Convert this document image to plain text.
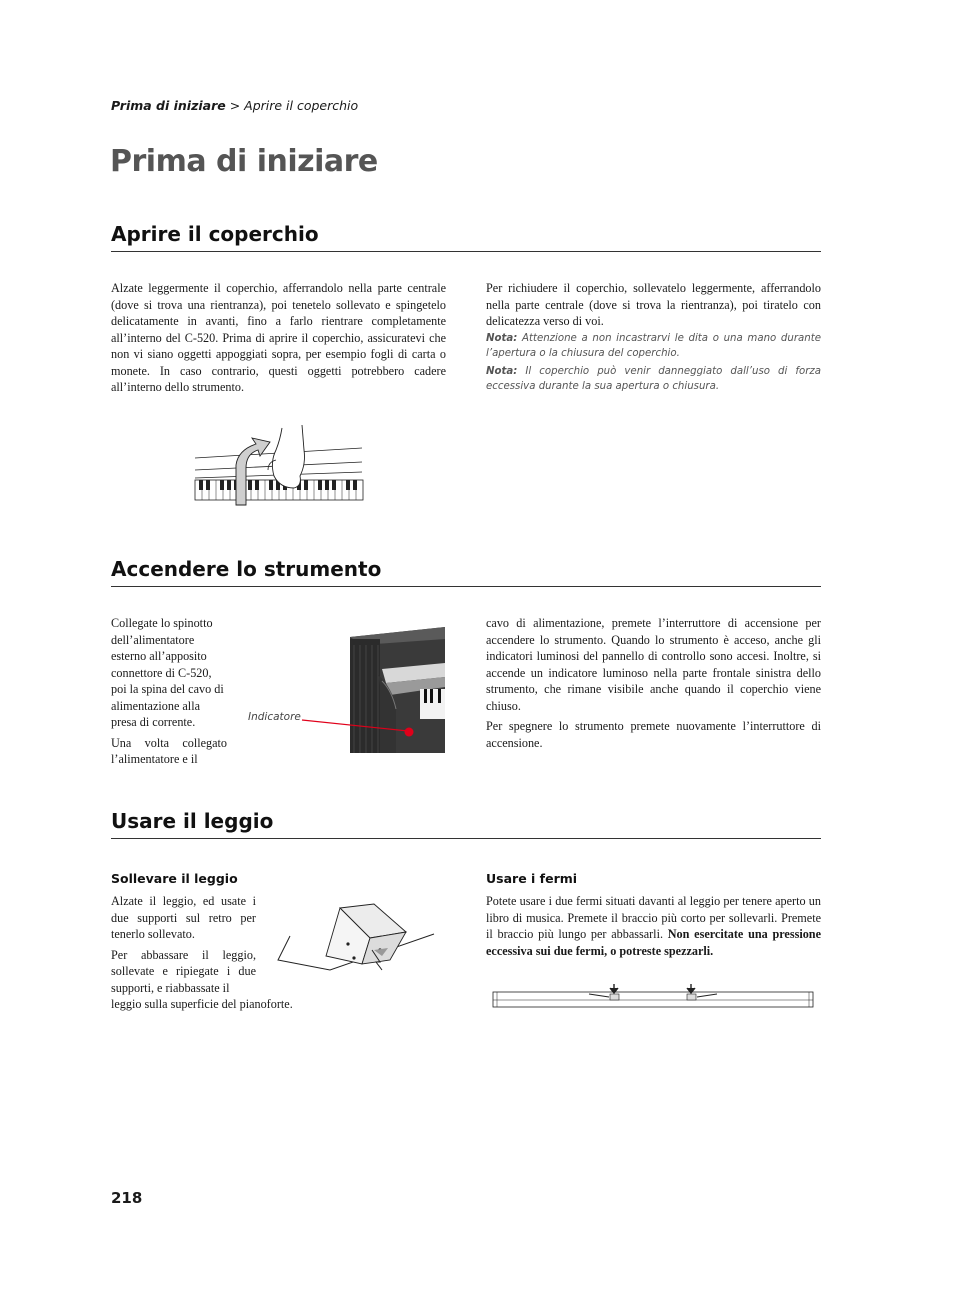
Prima di iniziare > Aprire il coperchio
Prima di iniziare
Aprire il coperchio

Alzate leggermente il coperchio, afferrandolo nella parte centrale (dove si trova una rientranza), poi tenetelo sollevato e spingetelo delicatamente in avanti, fino a farlo rientrare completamente all’interno del C-520. Prima di aprire il coperchio, assicuratevi che non vi siano oggetti appoggiati sopra, per esempio fogli di carta o monete. In caso contrario, questi oggetti potrebbero cadere all’interno dello strumento.

Per richiudere il coperchio, sollevatelo leggermente, afferrandolo nella parte centrale (dove si trova la rientranza), poi tiratelo con delicatezza verso di voi.

Nota: Attenzione a non incastrarvi le dita o una mano durante l’apertura o la chiusura del coperchio.

Nota: Il coperchio può venir danneggiato dall’uso di forza eccessiva durante la sua apertura o chiusura.

Accendere lo strumento

Collegate lo spinotto dell’alimentatore esterno all’apposito connettore di C-520, poi la spina del cavo di alimentazione alla presa di corrente.

Una volta collegato l’alimentatore e il

Indicatore

cavo di alimentazione, premete l’interruttore di accensione per accendere lo strumento. Quando lo strumento è acceso, anche gli indicatori luminosi del pannello di controllo sono accesi. Inoltre, si accende un indicatore luminoso nella parte frontale sinistra dello strumento, che rimane visibile anche quando il coperchio viene chiuso.

Per spegnere lo strumento premete nuovamente l’interruttore di accensione.

Usare il leggio
Sollevare il leggio

Alzate il leggio, ed usate i due supporti sul retro per tenerlo sollevato.

Per abbassare il leggio, sollevate e ripiegate i due supporti, e riabbassate il

leggio sulla superficie del pianoforte.

Usare i fermi

Potete usare i due fermi situati davanti al leggio per tenere aperto un libro di musica. Premete il braccio più corto per sollevarli. Premete il braccio più lungo per abbassarli. Non esercitate una pressione eccessiva sui due fermi, o potreste spezzarli.

218
